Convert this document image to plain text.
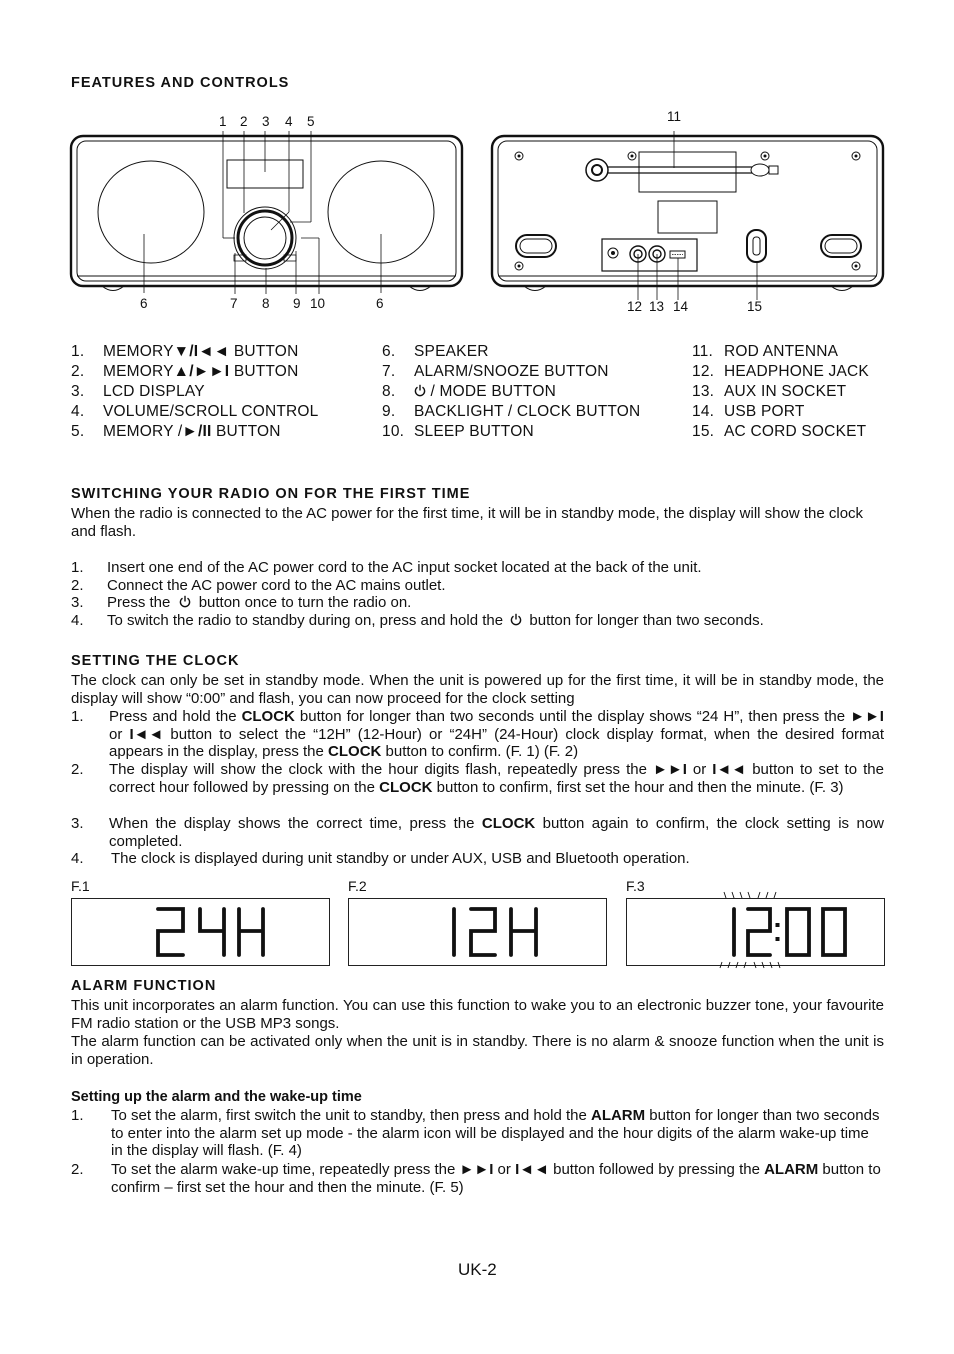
FEATURES AND CONTROLS
1 2 3 4 5
6	7 8 9 10	6
11
12 13 14	15
1. MEMORY▼/I◄◄ BUTTON
2. MEMORY▲/►►I BUTTON
3. LCD DISPLAY
4. VOLUME/SCROLL CONTROL
5. MEMORY /►/II BUTTON
6. SPEAKER
7. ALARM/SNOOZE BUTTON
8. / MODE BUTTON
9. BACKLIGHT / CLOCK BUTTON
10. SLEEP BUTTON
11. ROD ANTENNA
12. HEADPHONE JACK
13. AUX IN SOCKET
14. USB PORT
15. AC CORD SOCKET
SWITCHING YOUR RADIO ON FOR THE FIRST TIME
When the radio is connected to the AC power for the first time, it will be in standby mode, the display will show the clock and flash.
1. Insert one end of the AC power cord to the AC input socket located at the back of the unit.
2. Connect the AC power cord to the AC mains outlet.
3. Press the  button once to turn the radio on.
4. To switch the radio to standby during on, press and hold the  button for longer than two seconds.
SETTING THE CLOCK
The clock can only be set in standby mode. When the unit is powered up for the first time, it will be in standby mode, the display will show “0:00” and flash, you can now proceed for the clock setting
1. Press and hold the CLOCK button for longer than two seconds until the display shows “24 H”, then press the ►►I or I◄◄ button to select the “12H” (12-Hour) or “24H” (24-Hour) clock display format, when the desired format appears in the display, press the CLOCK button to confirm. (F. 1) (F. 2)
2. The display will show the clock with the hour digits flash, repeatedly press the ►►I or I◄◄ button to set to the correct hour followed by pressing on the CLOCK button to confirm, first set the hour and then the minute. (F. 3)
3. When the display shows the correct time, press the CLOCK button again to confirm, the clock setting is now completed.
4. The clock is displayed during unit standby or under AUX, USB and Bluetooth operation.
F.1	F.2	F.3
ALARM FUNCTION
This unit incorporates an alarm function. You can use this function to wake you to an electronic buzzer tone, your favourite FM radio station or the USB MP3 songs.
The alarm function can be activated only when the unit is in standby. There is no alarm & snooze function when the unit is in operation.
Setting up the alarm and the wake-up time
1. To set the alarm, first switch the unit to standby, then press and hold the ALARM button for longer than two seconds to enter into the alarm set up mode - the alarm icon will be displayed and the hour digits of the alarm wake-up time in the display will flash. (F. 4)
2. To set the alarm wake-up time, repeatedly press the ►►I or I◄◄ button followed by pressing the ALARM button to confirm – first set the hour and then the minute. (F. 5)
UK-2
